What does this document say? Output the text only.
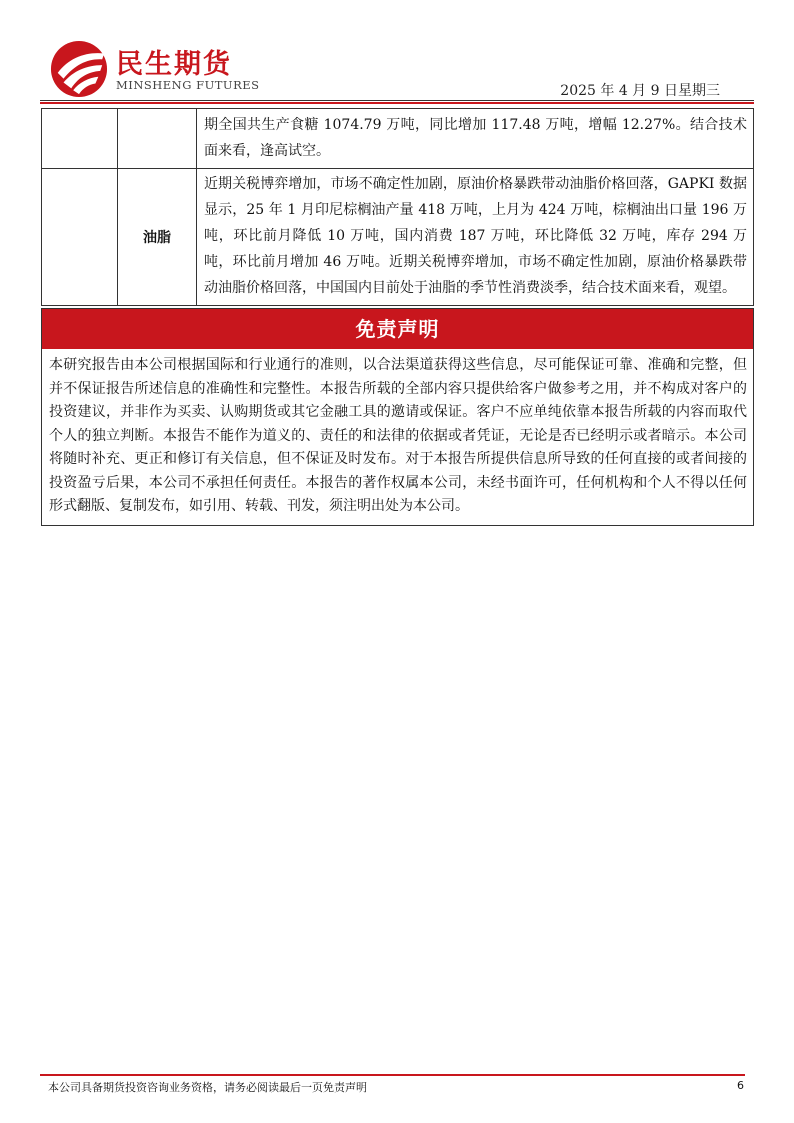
民生期货
MINSHENG FUTURES	2025 年 4 月 9 日星期三
		期全国共生产食糖 1074.79 万吨，同比增加 117.48 万吨，增幅 12.27%。结合技术面来看，逢高试空。
	油脂	近期关税博弈增加，市场不确定性加剧，原油价格暴跌带动油脂价格回落，GAPKI 数据显示，25 年 1 月印尼棕榈油产量 418 万吨，上月为 424 万吨，棕榈油出口量 196 万吨，环比前月降低 10 万吨，国内消费 187 万吨，环比降低 32 万吨，库存 294 万吨，环比前月增加 46 万吨。近期关税博弈增加，市场不确定性加剧，原油价格暴跌带动油脂价格回落，中国国内目前处于油脂的季节性消费淡季，结合技术面来看，观望。
免责声明
本研究报告由本公司根据国际和行业通行的准则，以合法渠道获得这些信息，尽可能保证可靠、准确和完整，但并不保证报告所述信息的准确性和完整性。本报告所载的全部内容只提供给客户做参考之用，并不构成对客户的投资建议，并非作为买卖、认购期货或其它金融工具的邀请或保证。客户不应单纯依靠本报告所载的内容而取代个人的独立判断。本报告不能作为道义的、责任的和法律的依据或者凭证，无论是否已经明示或者暗示。本公司将随时补充、更正和修订有关信息，但不保证及时发布。对于本报告所提供信息所导致的任何直接的或者间接的投资盈亏后果，本公司不承担任何责任。本报告的著作权属本公司，未经书面许可，任何机构和个人不得以任何形式翻版、复制发布，如引用、转载、刊发，须注明出处为本公司。
本公司具备期货投资咨询业务资格，请务必阅读最后一页免责声明	6
